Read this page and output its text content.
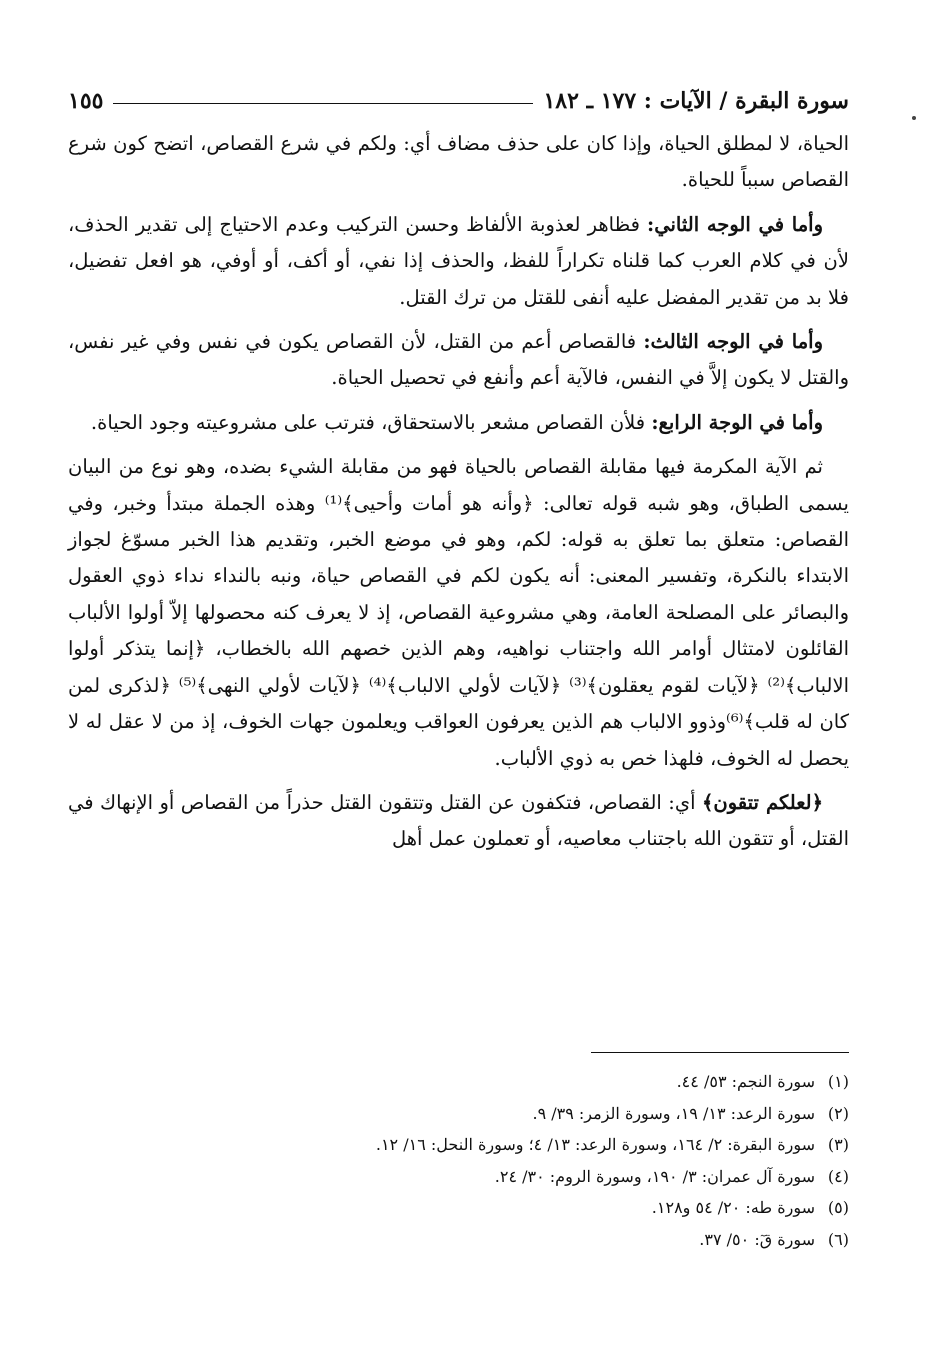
سورة البقرة / الآيات : ١٧٧ ـ ١٨٢
١٥٥

الحياة، لا لمطلق الحياة، وإذا كان على حذف مضاف أي: ولكم في شرع القصاص، اتضح كون شرع القصاص سبباً للحياة.

وأما في الوجه الثاني: فظاهر لعذوبة الألفاظ وحسن التركيب وعدم الاحتياج إلى تقدير الحذف، لأن في كلام العرب كما قلناه تكراراً للفظ، والحذف إذا نفي، أو أكف، أو أوفي، هو افعل تفضيل، فلا بد من تقدير المفضل عليه أنفى للقتل من ترك القتل.

وأما في الوجه الثالث: فالقصاص أعم من القتل، لأن القصاص يكون في نفس وفي غير نفس، والقتل لا يكون إلاَّ في النفس، فالآية أعم وأنفع في تحصيل الحياة.

وأما في الوجة الرابع: فلأن القصاص مشعر بالاستحقاق، فترتب على مشروعيته وجود الحياة.

ثم الآية المكرمة فيها مقابلة القصاص بالحياة فهو من مقابلة الشيء بضده، وهو نوع من البيان يسمى الطباق، وهو شبه قوله تعالى: ﴿وأنه هو أمات وأحيى﴾⁽¹⁾ وهذه الجملة مبتدأ وخبر، وفي القصاص: متعلق بما تعلق به قوله: لكم، وهو في موضع الخبر، وتقديم هذا الخبر مسوّغ لجواز الابتداء بالنكرة، وتفسير المعنى: أنه يكون لكم في القصاص حياة، ونبه بالنداء نداء ذوي العقول والبصائر على المصلحة العامة، وهي مشروعية القصاص، إذ لا يعرف كنه محصولها إلاّ أولوا الألباب القائلون لامتثال أوامر الله واجتناب نواهيه، وهم الذين خصهم الله بالخطاب، ﴿إنما يتذكر أولوا الالباب﴾⁽²⁾ ﴿لآيات لقوم يعقلون﴾⁽³⁾ ﴿لآيات لأولي الالباب﴾⁽⁴⁾ ﴿لآيات لأولي النهى﴾⁽⁵⁾ ﴿لذكرى لمن كان له قلب﴾⁽⁶⁾وذوو الالباب هم الذين يعرفون العواقب ويعلمون جهات الخوف، إذ من لا عقل له لا يحصل له الخوف، فلهذا خص به ذوي الألباب.

﴿لعلكم تتقون﴾ أي: القصاص، فتكفون عن القتل وتتقون القتل حذراً من القصاص أو الإنهاك في القتل، أو تتقون الله باجتناب معاصيه، أو تعملون عمل أهل

(١)سورة النجم: ٥٣/ ٤٤.
(٢)سورة الرعد: ١٣/ ١٩، وسورة الزمر: ٣٩/ ٩.
(٣)سورة البقرة: ٢/ ١٦٤، وسورة الرعد: ١٣/ ٤؛ وسورة النحل: ١٦/ ١٢.
(٤)سورة آل عمران: ٣/ ١٩٠، وسورة الروم: ٣٠/ ٢٤.
(٥)سورة طه: ٢٠/ ٥٤ و١٢٨.
(٦)سورة قٓ: ٥٠/ ٣٧.
